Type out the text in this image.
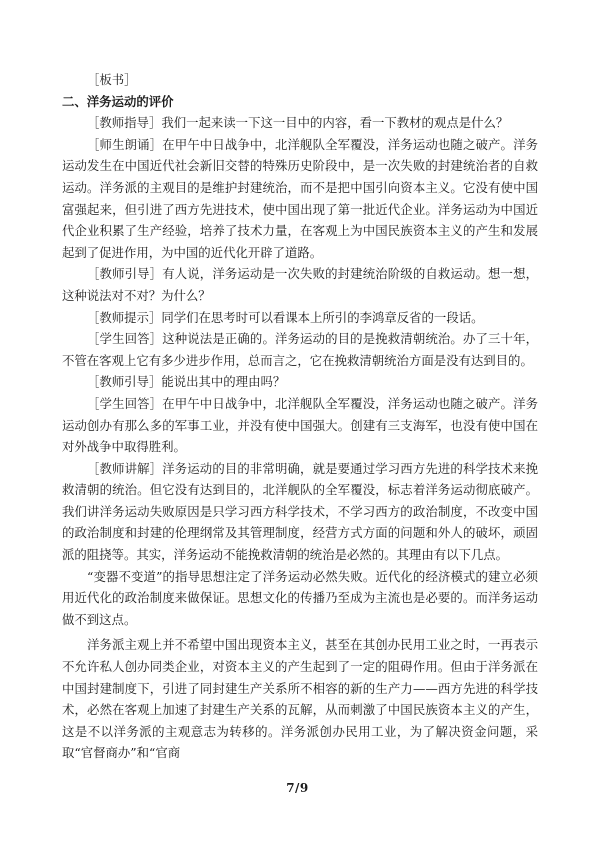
［板书］

二、洋务运动的评价

［教师指导］我们一起来读一下这一目中的内容，看一下教材的观点是什么？

［师生朗诵］在甲午中日战争中，北洋舰队全军覆没，洋务运动也随之破产。洋务运动发生在中国近代社会新旧交替的特殊历史阶段中，是一次失败的封建统治者的自救运动。洋务派的主观目的是维护封建统治，而不是把中国引向资本主义。它没有使中国富强起来，但引进了西方先进技术，使中国出现了第一批近代企业。洋务运动为中国近代企业积累了生产经验，培养了技术力量，在客观上为中国民族资本主义的产生和发展起到了促进作用，为中国的近代化开辟了道路。

［教师引导］有人说，洋务运动是一次失败的封建统治阶级的自救运动。想一想，这种说法对不对？为什么？

［教师提示］同学们在思考时可以看课本上所引的李鸿章反省的一段话。

［学生回答］这种说法是正确的。洋务运动的目的是挽救清朝统治。办了三十年，不管在客观上它有多少进步作用，总而言之，它在挽救清朝统治方面是没有达到目的。

［教师引导］能说出其中的理由吗？

［学生回答］在甲午中日战争中，北洋舰队全军覆没，洋务运动也随之破产。洋务运动创办有那么多的军事工业，并没有使中国强大。创建有三支海军，也没有使中国在对外战争中取得胜利。

［教师讲解］洋务运动的目的非常明确，就是要通过学习西方先进的科学技术来挽救清朝的统治。但它没有达到目的，北洋舰队的全军覆没，标志着洋务运动彻底破产。我们讲洋务运动失败原因是只学习西方科学技术，不学习西方的政治制度，不改变中国的政治制度和封建的伦理纲常及其管理制度，经营方式方面的问题和外人的破坏，顽固派的阻挠等。其实，洋务运动不能挽救清朝的统治是必然的。其理由有以下几点。

“变器不变道”的指导思想注定了洋务运动必然失败。近代化的经济模式的建立必须用近代化的政治制度来做保证。思想文化的传播乃至成为主流也是必要的。而洋务运动做不到这点。

洋务派主观上并不希望中国出现资本主义，甚至在其创办民用工业之时，一再表示不允许私人创办同类企业，对资本主义的产生起到了一定的阻碍作用。但由于洋务派在中国封建制度下，引进了同封建生产关系所不相容的新的生产力——西方先进的科学技术，必然在客观上加速了封建生产关系的瓦解，从而刺激了中国民族资本主义的产生，这是不以洋务派的主观意志为转移的。洋务派创办民用工业，为了解决资金问题，采取“官督商办”和“官商

7/9
